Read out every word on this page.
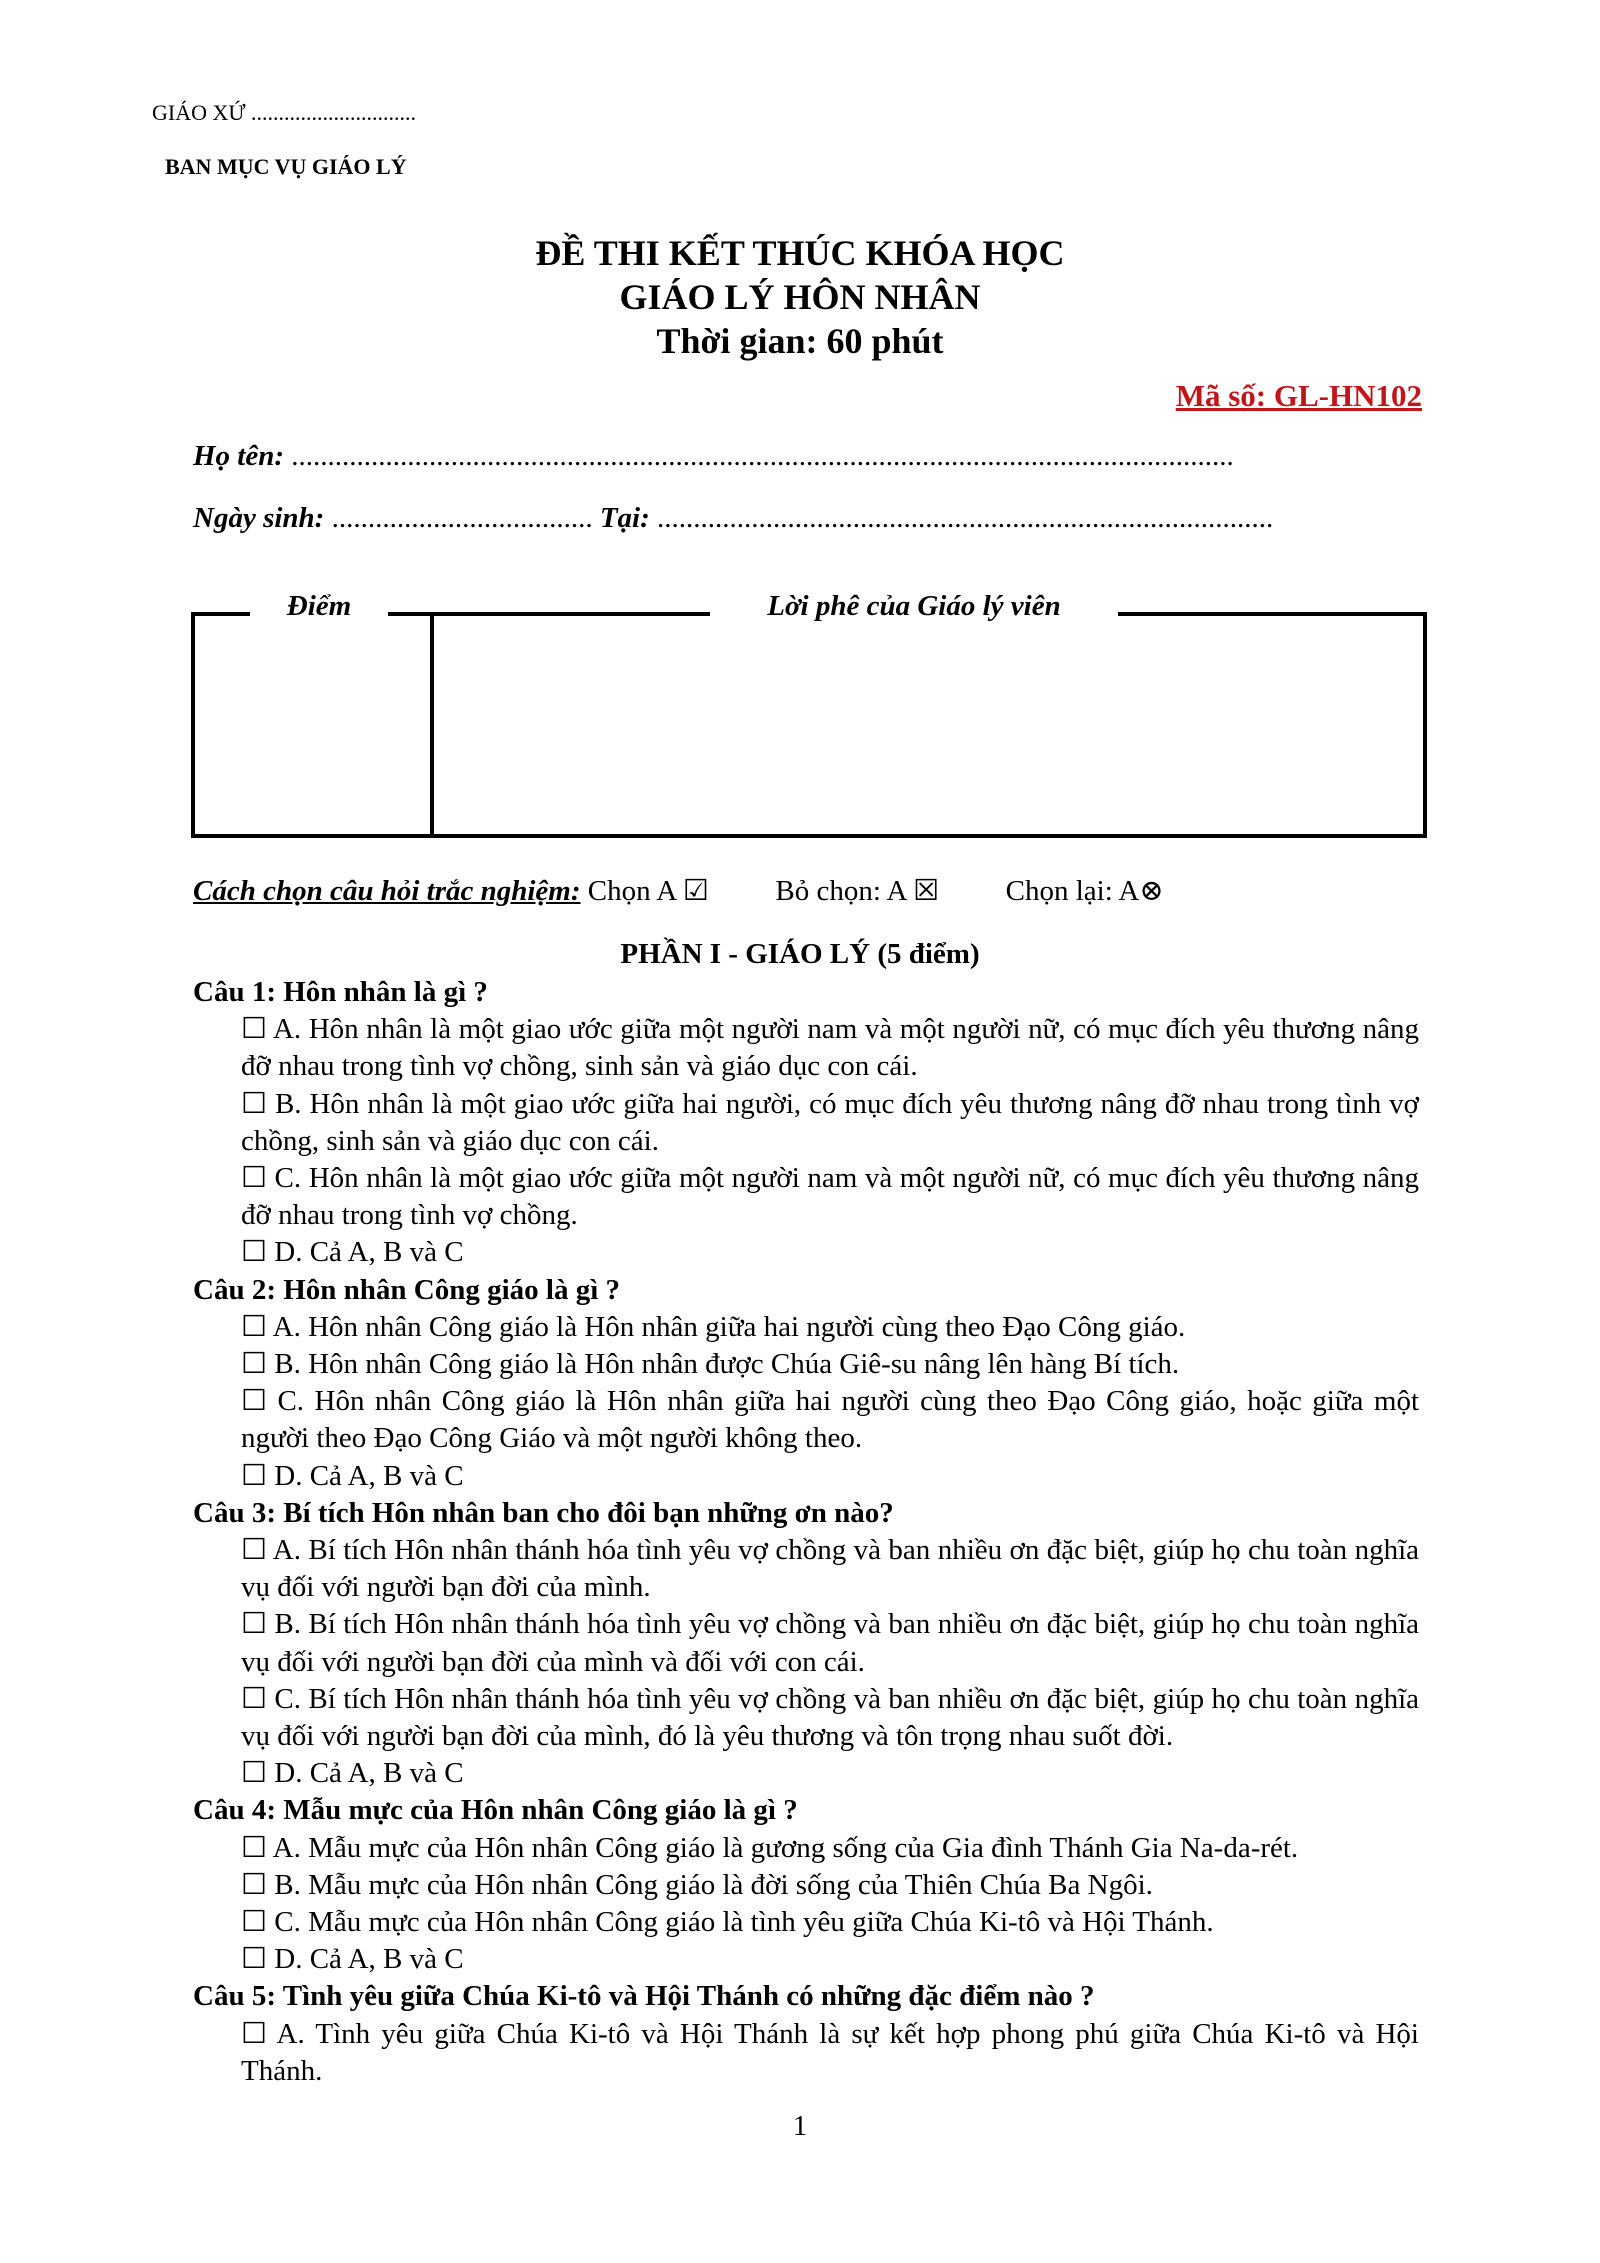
GIÁO XỨ ..............................
BAN MỤC VỤ GIÁO LÝ
ĐỀ THI KẾT THÚC KHÓA HỌC
GIÁO LÝ HÔN NHÂN
Thời gian: 60 phút
Mã số: GL-HN102
Họ tên: ..................................................................................................................................
Ngày sinh: .................................... Tại: .....................................................................................
Điểm	Lời phê của Giáo lý viên
Cách chọn câu hỏi trắc nghiệm: Chọn A ☑ Bỏ chọn: A ☒ Chọn lại: A⊗
PHẦN I - GIÁO LÝ (5 điểm)
Câu 1: Hôn nhân là gì ?
☐ A. Hôn nhân là một giao ước giữa một người nam và một người nữ, có mục đích yêu thương nâng đỡ nhau trong tình vợ chồng, sinh sản và giáo dục con cái.
☐ B. Hôn nhân là một giao ước giữa hai người, có mục đích yêu thương nâng đỡ nhau trong tình vợ chồng, sinh sản và giáo dục con cái.
☐ C. Hôn nhân là một giao ước giữa một người nam và một người nữ, có mục đích yêu thương nâng đỡ nhau trong tình vợ chồng.
☐ D. Cả A, B và C
Câu 2: Hôn nhân Công giáo là gì ?
☐ A. Hôn nhân Công giáo là Hôn nhân giữa hai người cùng theo Đạo Công giáo.
☐ B. Hôn nhân Công giáo là Hôn nhân được Chúa Giê-su nâng lên hàng Bí tích.
☐ C. Hôn nhân Công giáo là Hôn nhân giữa hai người cùng theo Đạo Công giáo, hoặc giữa một người theo Đạo Công Giáo và một người không theo.
☐ D. Cả A, B và C
Câu 3: Bí tích Hôn nhân ban cho đôi bạn những ơn nào?
☐ A. Bí tích Hôn nhân thánh hóa tình yêu vợ chồng và ban nhiều ơn đặc biệt, giúp họ chu toàn nghĩa vụ đối với người bạn đời của mình.
☐ B. Bí tích Hôn nhân thánh hóa tình yêu vợ chồng và ban nhiều ơn đặc biệt, giúp họ chu toàn nghĩa vụ đối với người bạn đời của mình và đối với con cái.
☐ C. Bí tích Hôn nhân thánh hóa tình yêu vợ chồng và ban nhiều ơn đặc biệt, giúp họ chu toàn nghĩa vụ đối với người bạn đời của mình, đó là yêu thương và tôn trọng nhau suốt đời.
☐ D. Cả A, B và C
Câu 4: Mẫu mực của Hôn nhân Công giáo là gì ?
☐ A. Mẫu mực của Hôn nhân Công giáo là gương sống của Gia đình Thánh Gia Na-da-rét.
☐ B. Mẫu mực của Hôn nhân Công giáo là đời sống của Thiên Chúa Ba Ngôi.
☐ C. Mẫu mực của Hôn nhân Công giáo là tình yêu giữa Chúa Ki-tô và Hội Thánh.
☐ D. Cả A, B và C
Câu 5: Tình yêu giữa Chúa Ki-tô và Hội Thánh có những đặc điểm nào ?
☐ A. Tình yêu giữa Chúa Ki-tô và Hội Thánh là sự kết hợp phong phú giữa Chúa Ki-tô và Hội Thánh.
1
